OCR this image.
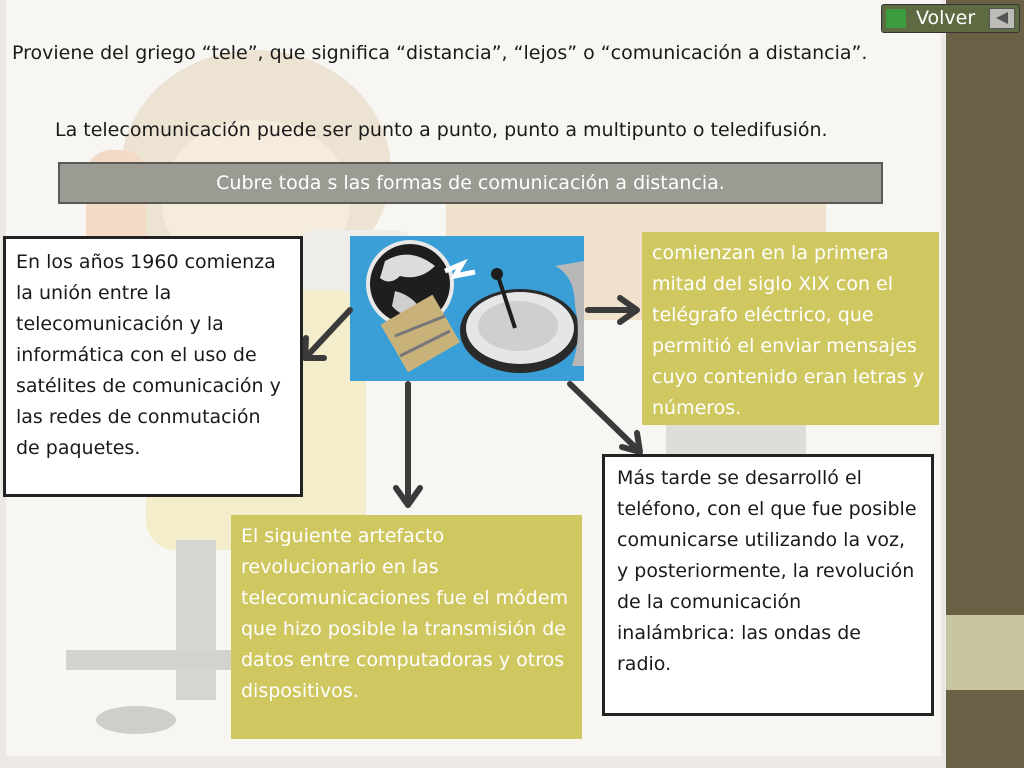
Volver
Proviene del griego “tele”, que significa “distancia”, “lejos” o “comunicación a distancia”.
La telecomunicación puede ser punto a punto, punto a multipunto o teledifusión.
Cubre toda s las formas de comunicación a distancia.
En los años 1960 comienza la unión entre la telecomunicación y la informática con el uso de satélites de comunicación y las redes de conmutación de paquetes.
comienzan en la primera mitad del siglo XIX con el telégrafo eléctrico, que permitió el enviar mensajes cuyo contenido eran letras y números.
Más tarde se desarrolló el teléfono, con el que fue posible comunicarse utilizando la voz, y posteriormente, la revolución de la comunicación inalámbrica: las ondas de radio.
El siguiente artefacto revolucionario en las telecomunicaciones fue el módem que hizo posible la transmisión de datos entre computadoras y otros dispositivos.
